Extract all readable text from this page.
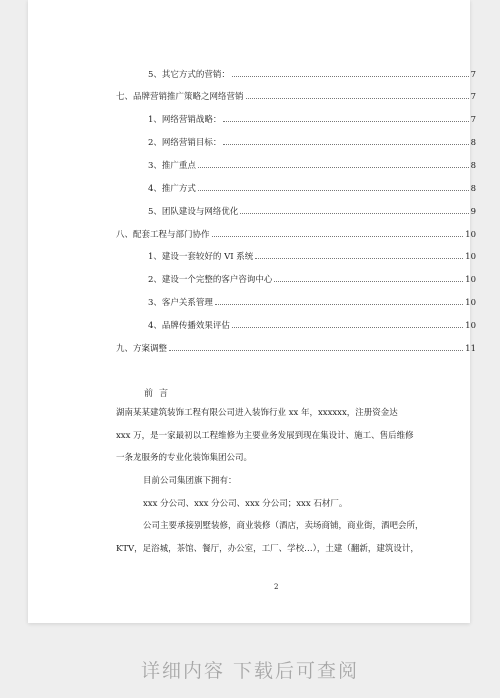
5、其它方式的营销：	7
七、品牌营销推广策略之网络营销	7
1、网络营销战略：	7
2、网络营销目标：	8
3、推广重点	8
4、推广方式	8
5、团队建设与网络优化	9
八、配套工程与部门协作	10
1、建设一套较好的 VI 系统	10
2、建设一个完整的客户咨询中心	10
3、客户关系管理	10
4、品牌传播效果评估	10
九、方案调整	11
前言
湖南某某建筑装饰工程有限公司进入装饰行业 xx 年，xxxxxx，注册资金达
xxx 万，是一家最初以工程维修为主要业务发展到现在集设计、施工、售后维修
一条龙服务的专业化装饰集团公司。
目前公司集团旗下拥有：
xxx 分公司、xxx 分公司、xxx 分公司；xxx 石材厂。
公司主要承接别墅装修，商业装修（酒店，卖场商铺，商业街，酒吧会所，
KTV，足浴城，茶馆、餐厅，办公室，工厂、学校…），土建（翻新，建筑设计，
2
详细内容 下载后可查阅
